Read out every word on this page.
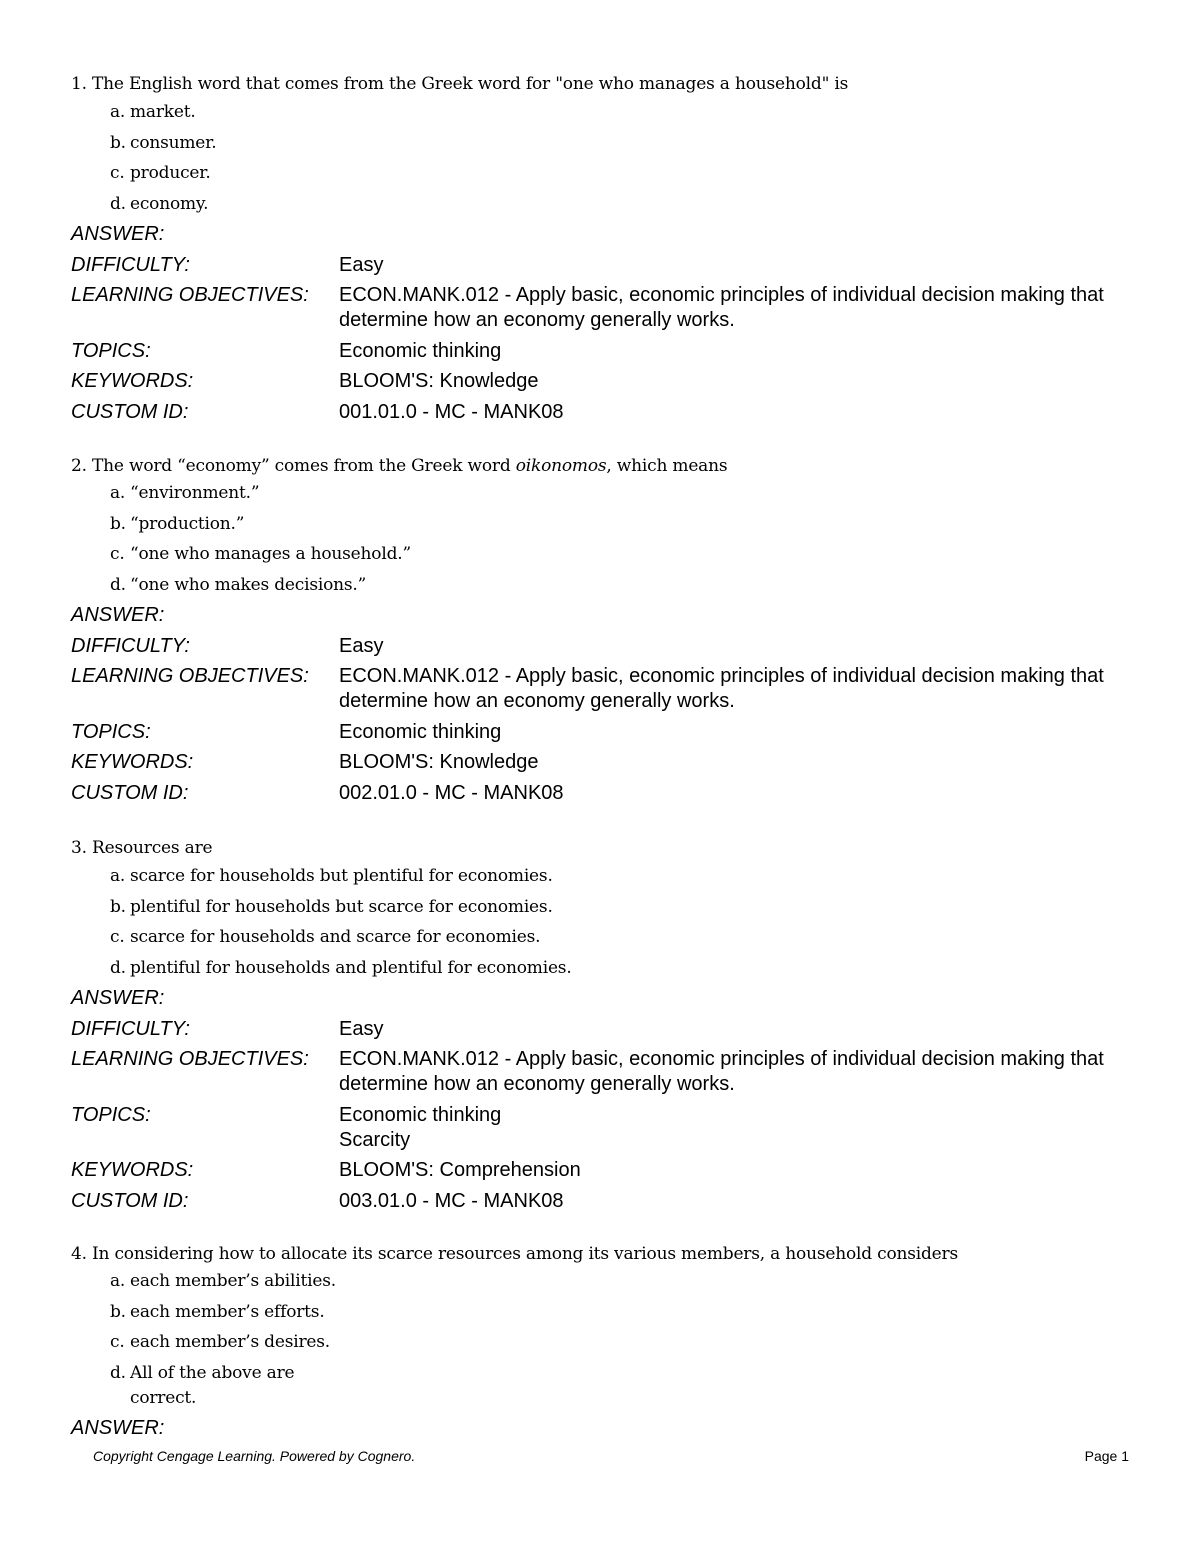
1. The English word that comes from the Greek word for "one who manages a household" is
a. market.
b. consumer.
c. producer.
d. economy.
ANSWER:
DIFFICULTY:	Easy
LEARNING OBJECTIVES:	ECON.MANK.012 - Apply basic, economic principles of individual decision making that determine how an economy generally works.
TOPICS:	Economic thinking
KEYWORDS:	BLOOM'S: Knowledge
CUSTOM ID:	001.01.0 - MC - MANK08
2. The word “economy” comes from the Greek word oikonomos, which means
a. “environment.”
b. “production.”
c. “one who manages a household.”
d. “one who makes decisions.”
ANSWER:
DIFFICULTY:	Easy
LEARNING OBJECTIVES:	ECON.MANK.012 - Apply basic, economic principles of individual decision making that determine how an economy generally works.
TOPICS:	Economic thinking
KEYWORDS:	BLOOM'S: Knowledge
CUSTOM ID:	002.01.0 - MC - MANK08
3. Resources are
a. scarce for households but plentiful for economies.
b. plentiful for households but scarce for economies.
c. scarce for households and scarce for economies.
d. plentiful for households and plentiful for economies.
ANSWER:
DIFFICULTY:	Easy
LEARNING OBJECTIVES:	ECON.MANK.012 - Apply basic, economic principles of individual decision making that determine how an economy generally works.
TOPICS:	Economic thinking
Scarcity
KEYWORDS:	BLOOM'S: Comprehension
CUSTOM ID:	003.01.0 - MC - MANK08
4. In considering how to allocate its scarce resources among its various members, a household considers
a. each member’s abilities.
b. each member’s efforts.
c. each member’s desires.
d. All of the above are correct.
ANSWER:
Copyright Cengage Learning. Powered by Cognero.	Page 1
